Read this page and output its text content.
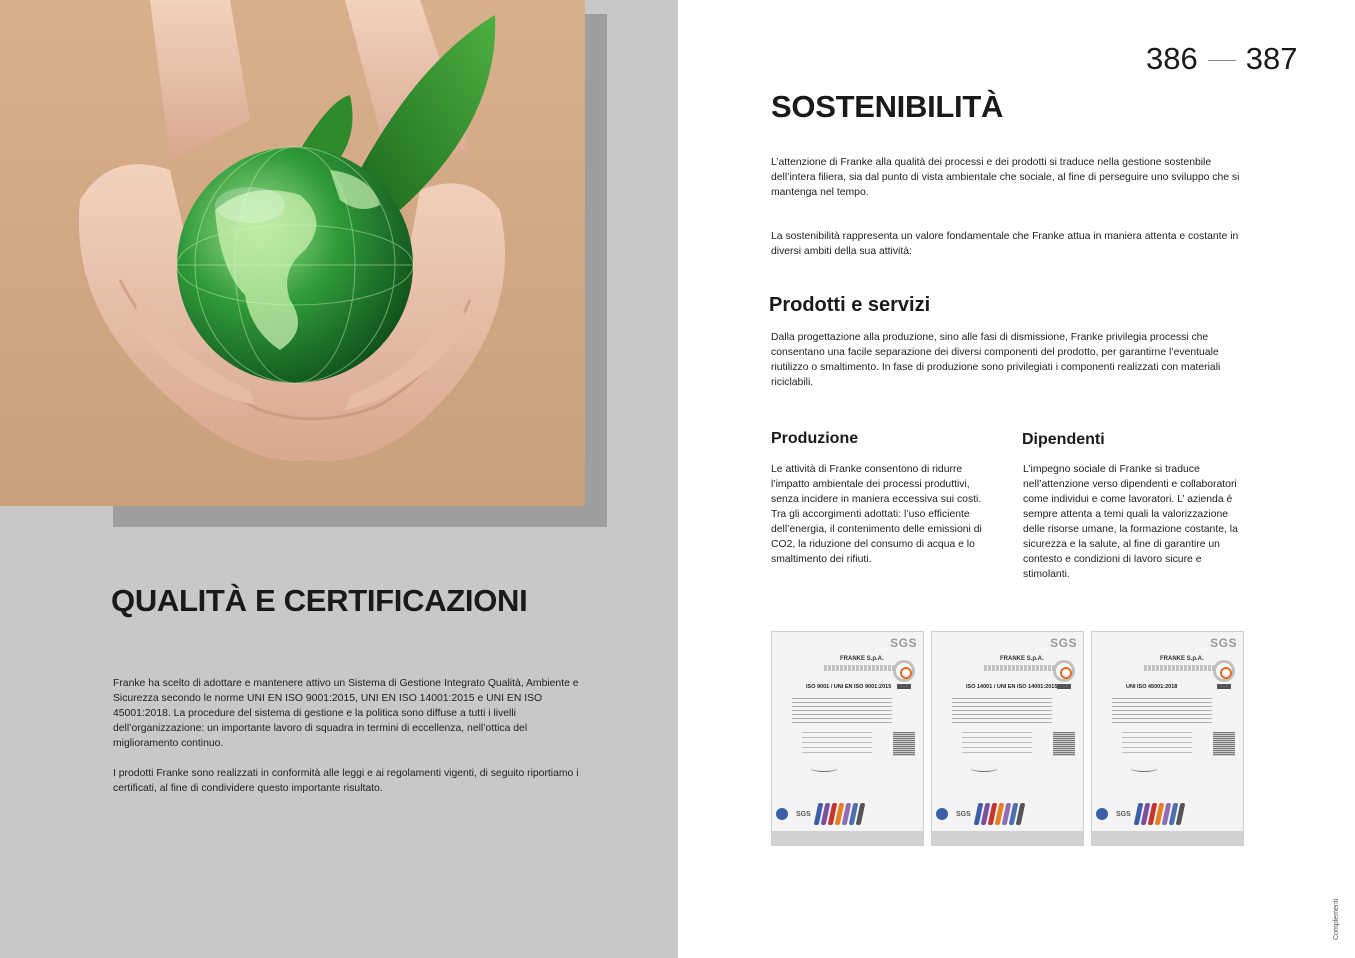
QUALITÀ E CERTIFICAZIONI

Franke ha scelto di adottare e mantenere attivo un Sistema di Gestione Integrato Qualità, Ambiente e Sicurezza secondo le norme UNI EN ISO 9001:2015, UNI EN ISO 14001:2015 e UNI EN ISO 45001:2018. La procedure del sistema di gestione e la politica sono diffuse a tutti i livelli dell’organizzazione: un importante lavoro di squadra in termini di eccellenza, nell’ottica del miglioramento continuo.

I prodotti Franke sono realizzati in conformità alle leggi e ai regolamenti vigenti, di seguito riportiamo i certificati, al fine di condividere questo importante risultato.

386 387
SOSTENIBILITÀ

L’attenzione di Franke alla qualità dei processi e dei prodotti si traduce nella gestione sostenbile dell’intera filiera, sia dal punto di vista ambientale che sociale, al fine di perseguire uno sviluppo che si mantenga nel tempo.

La sostenibilità rappresenta un valore fondamentale che Franke attua in maniera attenta e costante in diversi ambiti della sua attività:

Prodotti e servizi

Dalla progettazione alla produzione, sino alle fasi di dismissione, Franke privilegia processi che consentano una facile separazione dei diversi componenti del prodotto, per garantirne l’eventuale riutilizzo o smaltimento. In fase di produzione sono privilegiati i componenti realizzati con materiali riciclabili.

Produzione

Le attività di Franke consentono di ridurre l’impatto ambientale dei processi produttivi, senza incidere in maniera eccessiva sui costi. Tra gli accorgimenti adottati: l’uso efficiente dell’energia, il contenimento delle emissioni di CO2, la riduzione del consumo di acqua e lo smaltimento dei rifiuti.

Dipendenti

L’impegno sociale di Franke si traduce nell’attenzione verso dipendenti e collaboratori come individui e come lavoratori. L’ azienda è sempre attenta a temi quali la valorizzazione delle risorse umane, la formazione costante, la sicurezza e la salute, al fine di garantire un contesto e condizioni di lavoro sicure e stimolanti.

SGS
FRANKE S.p.A.
ISO 9001 / UNI EN ISO 9001:2015
SGS
SGS
FRANKE S.p.A.
ISO 14001 / UNI EN ISO 14001:2015
SGS
SGS
FRANKE S.p.A.
UNI ISO 45001:2018
SGS
Complementi
